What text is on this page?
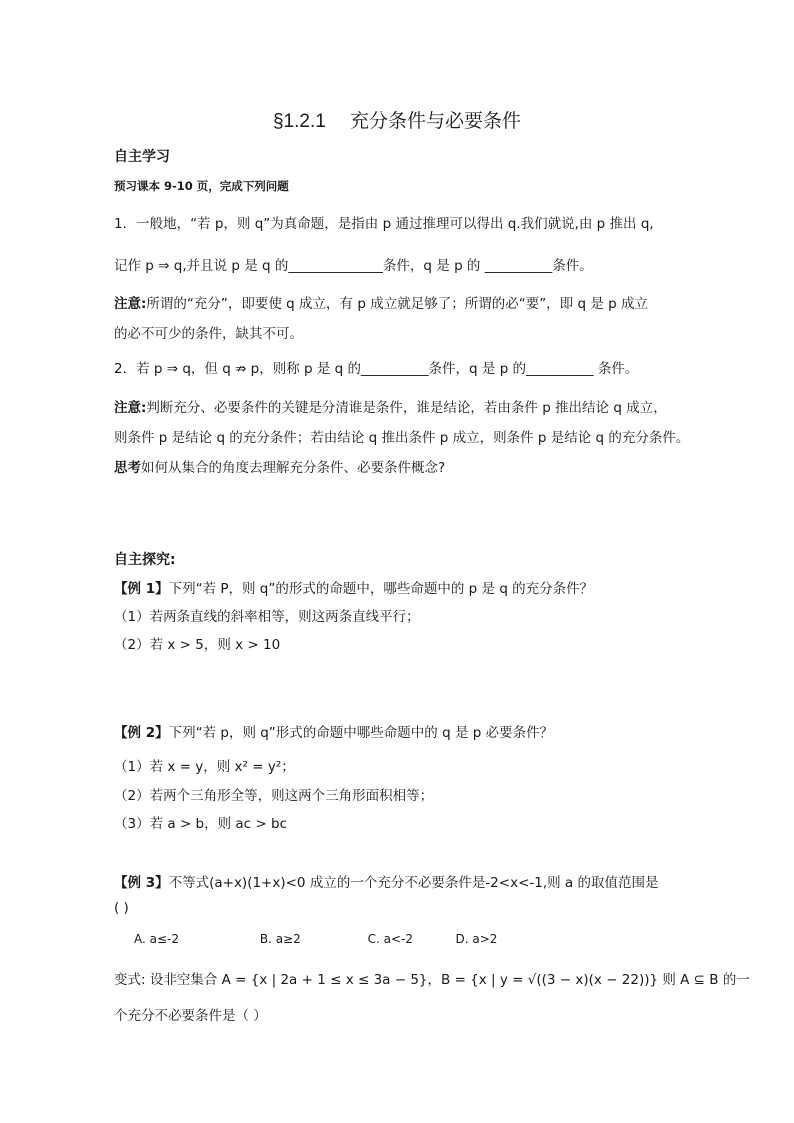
§1.2.1 充分条件与必要条件
自主学习
预习课本 9-10 页，完成下列问题
1．一般地，“若 p，则 q”为真命题，是指由 p 通过推理可以得出 q.我们就说,由 p 推出 q,
记作 p ⇒ q,并且说 p 是 q 的______________条件，q 是 p 的 __________条件。
注意:所谓的“充分”，即要使 q 成立，有 p 成立就足够了；所谓的必“要”，即 q 是 p 成立
的必不可少的条件，缺其不可。
2．若 p ⇒ q，但 q ⇏ p，则称 p 是 q 的__________条件，q 是 p 的__________ 条件。
注意:判断充分、必要条件的关键是分清谁是条件，谁是结论，若由条件 p 推出结论 q 成立，
则条件 p 是结论 q 的充分条件；若由结论 q 推出条件 p 成立，则条件 p 是结论 q 的充分条件。
思考如何从集合的角度去理解充分条件、必要条件概念?
自主探究:
【例 1】下列“若 P，则 q”的形式的命题中，哪些命题中的 p 是 q 的充分条件？
（1）若两条直线的斜率相等，则这两条直线平行；
（2）若 x > 5，则 x > 10
【例 2】下列“若 p，则 q”形式的命题中哪些命题中的 q 是 p 必要条件？
（1）若 x = y，则 x² = y²；
（2）若两个三角形全等，则这两个三角形面积相等；
（3）若 a > b，则 ac > bc
【例 3】不等式(a+x)(1+x)<0 成立的一个充分不必要条件是-2<x<-1,则 a 的取值范围是
( )
A. a≤-2	B. a≥2	C. a<-2	D. a>2
变式: 设非空集合 A = {x | 2a + 1 ≤ x ≤ 3a − 5}，B = {x | y = √((3 − x)(x − 22))} 则 A ⊆ B 的一
个充分不必要条件是（ ）
